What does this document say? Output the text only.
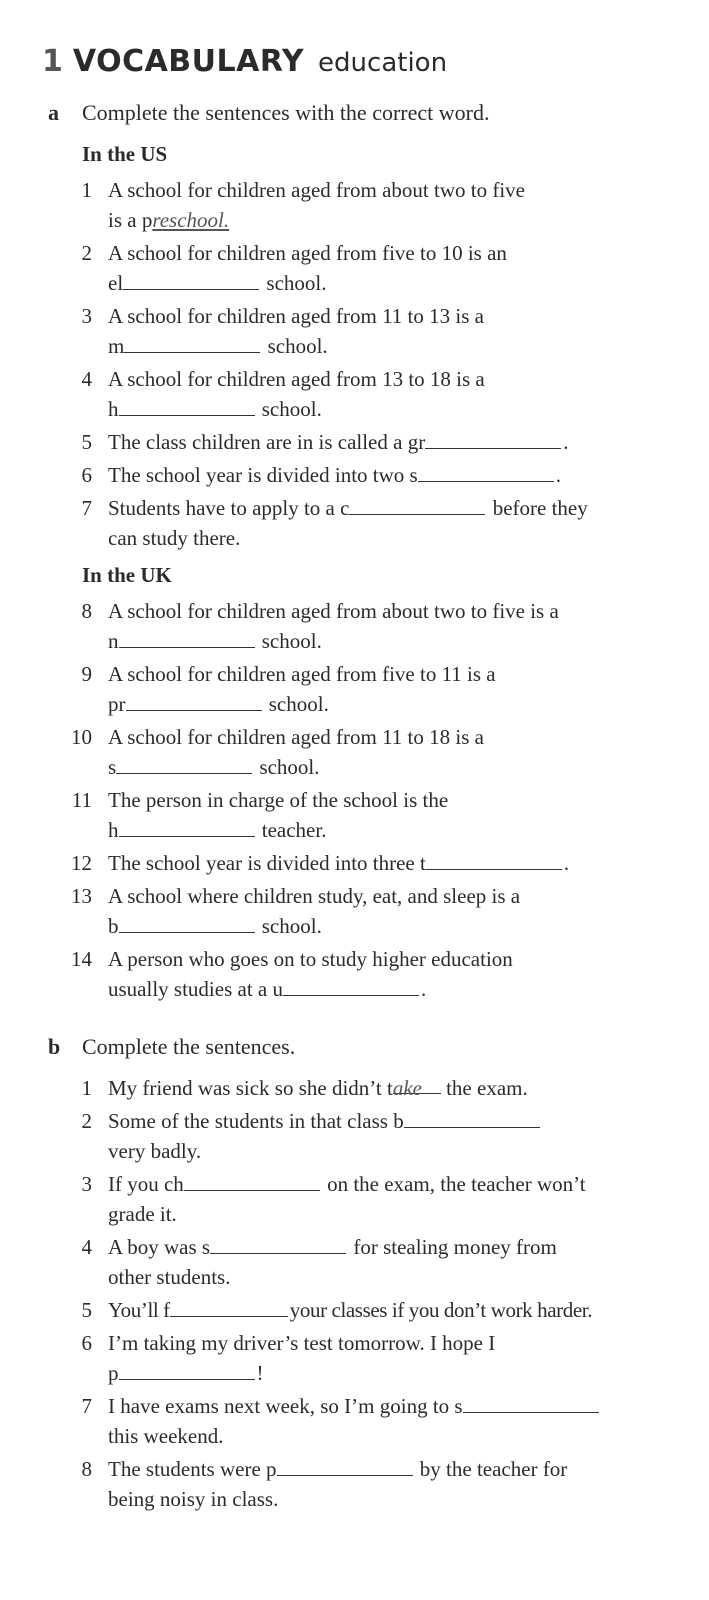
1 VOCABULARY education
a Complete the sentences with the correct word.
In the US
1 A school for children aged from about two to five
is a preschool.
2 A school for children aged from five to 10 is an
el	school.
3 A school for children aged from 11 to 13 is a
m	school.
4 A school for children aged from 13 to 18 is a
h	school.
5 The class children are in is called a gr	.
6 The school year is divided into two s	.
7 Students have to apply to a c	before they
can study there.
In the UK
8 A school for children aged from about two to five is a
n	school.
9 A school for children aged from five to 11 is a
pr	school.
10 A school for children aged from 11 to 18 is a
s	school.
11 The person in charge of the school is the
h	teacher.
12 The school year is divided into three t	.
13 A school where children study, eat, and sleep is a
b	school.
14 A person who goes on to study higher education
usually studies at a u	.
b Complete the sentences.
1 My friend was sick so she didn’t take the exam.
2 Some of the students in that class b
very badly.
3 If you ch	on the exam, the teacher won’t
grade it.
4 A boy was s	for stealing money from
other students.
5 You’ll f	your classes if you don’t work harder.
6 I’m taking my driver’s test tomorrow. I hope I
p	!
7 I have exams next week, so I’m going to s
this weekend.
8 The students were p	by the teacher for
being noisy in class.
